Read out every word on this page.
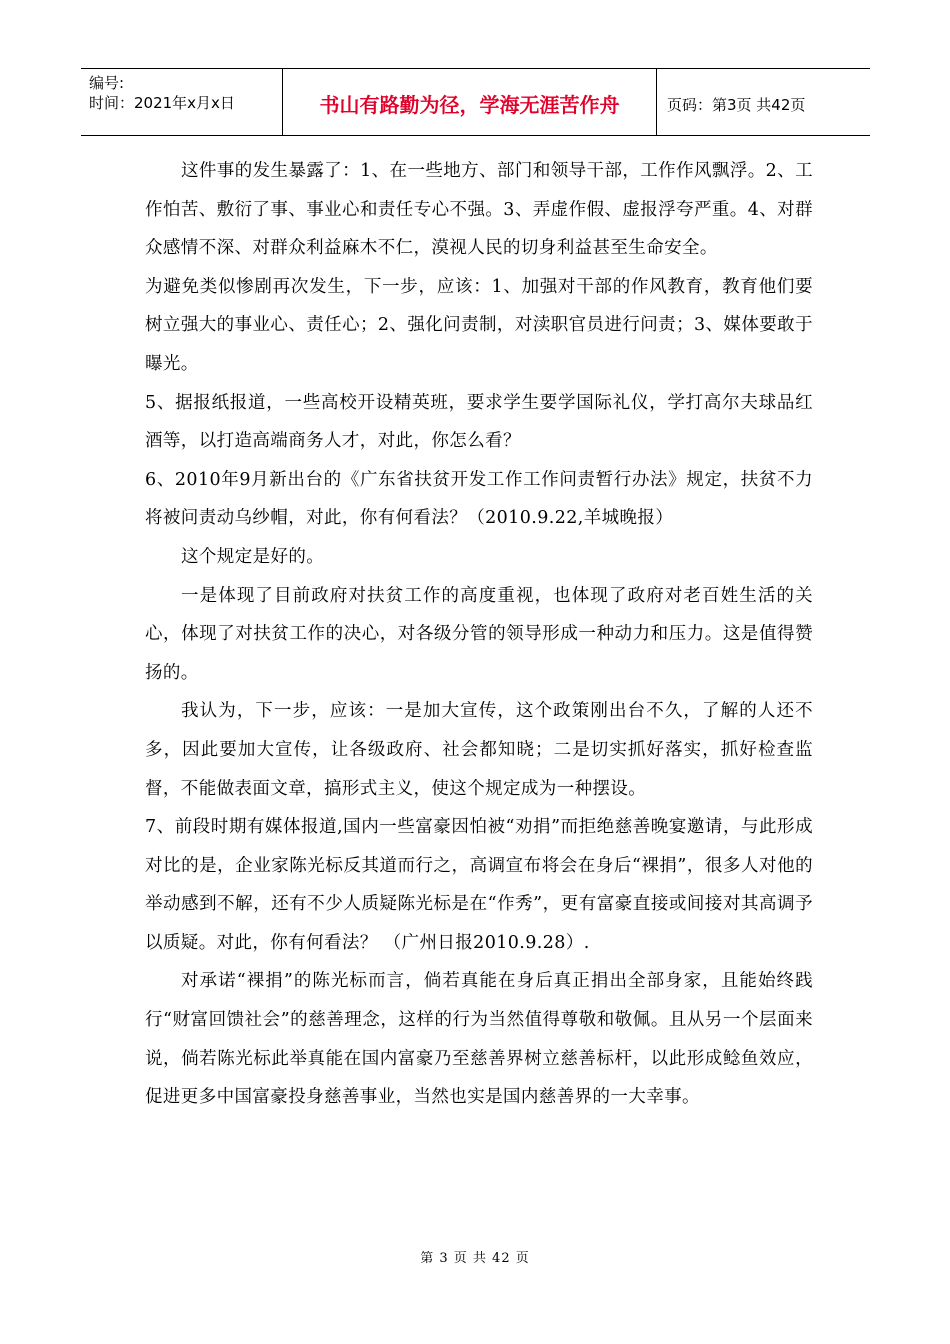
编号:
时间：2021年x月x日	书山有路勤为径，学海无涯苦作舟	页码：第3页 共42页

这件事的发生暴露了：1、在一些地方、部门和领导干部，工作作风飘浮。2、工作怕苦、敷衍了事、事业心和责任专心不强。3、弄虚作假、虚报浮夸严重。4、对群众感情不深、对群众利益麻木不仁，漠视人民的切身利益甚至生命安全。

为避免类似惨剧再次发生，下一步，应该：1、加强对干部的作风教育，教育他们要树立强大的事业心、责任心；2、强化问责制，对渎职官员进行问责；3、媒体要敢于曝光。

5、据报纸报道，一些高校开设精英班，要求学生要学国际礼仪，学打高尔夫球品红酒等，以打造高端商务人才，对此，你怎么看？

6、2010年9月新出台的《广东省扶贫开发工作工作问责暂行办法》规定，扶贫不力将被问责动乌纱帽，对此，你有何看法？（2010.9.22,羊城晚报）

这个规定是好的。

一是体现了目前政府对扶贫工作的高度重视，也体现了政府对老百姓生活的关心，体现了对扶贫工作的决心，对各级分管的领导形成一种动力和压力。这是值得赞扬的。

我认为，下一步，应该：一是加大宣传，这个政策刚出台不久，了解的人还不多，因此要加大宣传，让各级政府、社会都知晓；二是切实抓好落实，抓好检查监督，不能做表面文章，搞形式主义，使这个规定成为一种摆设。

7、前段时期有媒体报道,国内一些富豪因怕被“劝捐”而拒绝慈善晚宴邀请，与此形成对比的是，企业家陈光标反其道而行之，高调宣布将会在身后“裸捐”，很多人对他的举动感到不解，还有不少人质疑陈光标是在“作秀”，更有富豪直接或间接对其高调予以质疑。对此，你有何看法？ （广州日报2010.9.28）.

对承诺“裸捐”的陈光标而言，倘若真能在身后真正捐出全部身家，且能始终践行“财富回馈社会”的慈善理念，这样的行为当然值得尊敬和敬佩。且从另一个层面来说，倘若陈光标此举真能在国内富豪乃至慈善界树立慈善标杆，以此形成鲶鱼效应，促进更多中国富豪投身慈善事业，当然也实是国内慈善界的一大幸事。

第 3 页 共 42 页
